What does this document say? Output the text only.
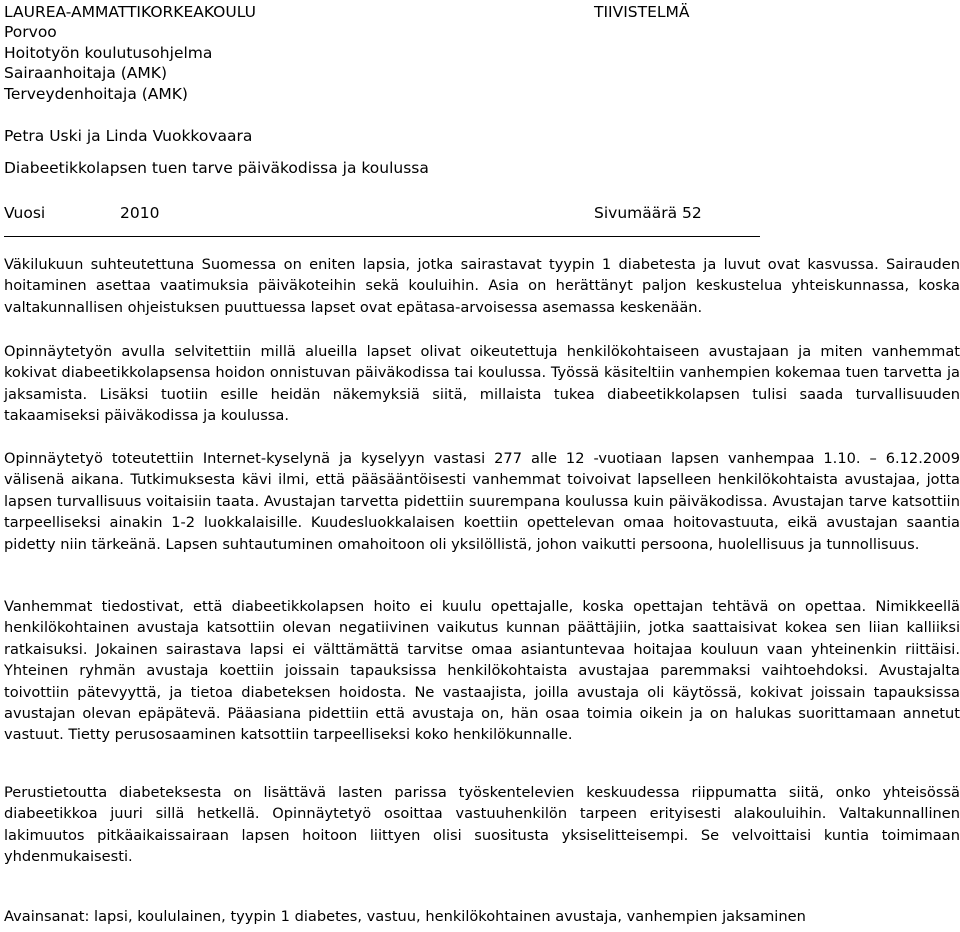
LAUREA-AMMATTIKORKEAKOULU
Porvoo
Hoitotyön koulutusohjelma
Sairaanhoitaja (AMK)
Terveydenhoitaja (AMK)
TIIVISTELMÄ
Petra Uski ja Linda Vuokkovaara
Diabeetikkolapsen tuen tarve päiväkodissa ja koulussa
Vuosi	2010	Sivumäärä 52
Väkilukuun suhteutettuna Suomessa on eniten lapsia, jotka sairastavat tyypin 1 diabetesta ja luvut ovat kasvussa. Sairauden hoitaminen asettaa vaatimuksia päiväkoteihin sekä kouluihin. Asia on herättänyt paljon keskustelua yhteiskunnassa, koska valtakunnallisen ohjeistuksen puuttuessa lapset ovat epätasa-arvoisessa asemassa keskenään.
Opinnäytetyön avulla selvitettiin millä alueilla lapset olivat oikeutettuja henkilökohtaiseen avustajaan ja miten vanhemmat kokivat diabeetikkolapsensa hoidon onnistuvan päiväkodissa tai koulussa. Työssä käsiteltiin vanhempien kokemaa tuen tarvetta ja jaksamista. Lisäksi tuotiin esille heidän näkemyksiä siitä, millaista tukea diabeetikkolapsen tulisi saada turvallisuuden takaamiseksi päiväkodissa ja koulussa.
Opinnäytetyö toteutettiin Internet-kyselynä ja kyselyyn vastasi 277 alle 12 -vuotiaan lapsen vanhempaa 1.10. – 6.12.2009 välisenä aikana. Tutkimuksesta kävi ilmi, että pääsääntöisesti vanhemmat toivoivat lapselleen henkilökohtaista avustajaa, jotta lapsen turvallisuus voitaisiin taata. Avustajan tarvetta pidettiin suurempana koulussa kuin päiväkodissa. Avustajan tarve katsottiin tarpeelliseksi ainakin 1-2 luokkalaisille. Kuudesluokkalaisen koettiin opettelevan omaa hoitovastuuta, eikä avustajan saantia pidetty niin tärkeänä. Lapsen suhtautuminen omahoitoon oli yksilöllistä, johon vaikutti persoona, huolellisuus ja tunnollisuus.
Vanhemmat tiedostivat, että diabeetikkolapsen hoito ei kuulu opettajalle, koska opettajan tehtävä on opettaa. Nimikkeellä henkilökohtainen avustaja katsottiin olevan negatiivinen vaikutus kunnan päättäjiin, jotka saattaisivat kokea sen liian kalliiksi ratkaisuksi. Jokainen sairastava lapsi ei välttämättä tarvitse omaa asiantuntevaa hoitajaa kouluun vaan yhteinenkin riittäisi. Yhteinen ryhmän avustaja koettiin joissain tapauksissa henkilökohtaista avustajaa paremmaksi vaihtoehdoksi. Avustajalta toivottiin pätevyyttä, ja tietoa diabeteksen hoidosta. Ne vastaajista, joilla avustaja oli käytössä, kokivat joissain tapauksissa avustajan olevan epäpätevä. Pääasiana pidettiin että avustaja on, hän osaa toimia oikein ja on halukas suorittamaan annetut vastuut. Tietty perusosaaminen katsottiin tarpeelliseksi koko henkilökunnalle.
Perustietoutta diabeteksesta on lisättävä lasten parissa työskentelevien keskuudessa riippumatta siitä, onko yhteisössä diabeetikkoa juuri sillä hetkellä. Opinnäytetyö osoittaa vastuuhenkilön tarpeen erityisesti alakouluihin. Valtakunnallinen lakimuutos pitkäaikaissairaan lapsen hoitoon liittyen olisi suositusta yksiselitteisempi. Se velvoittaisi kuntia toimimaan yhdenmukaisesti.
Avainsanat: lapsi, koululainen, tyypin 1 diabetes, vastuu, henkilökohtainen avustaja, vanhempien jaksaminen
